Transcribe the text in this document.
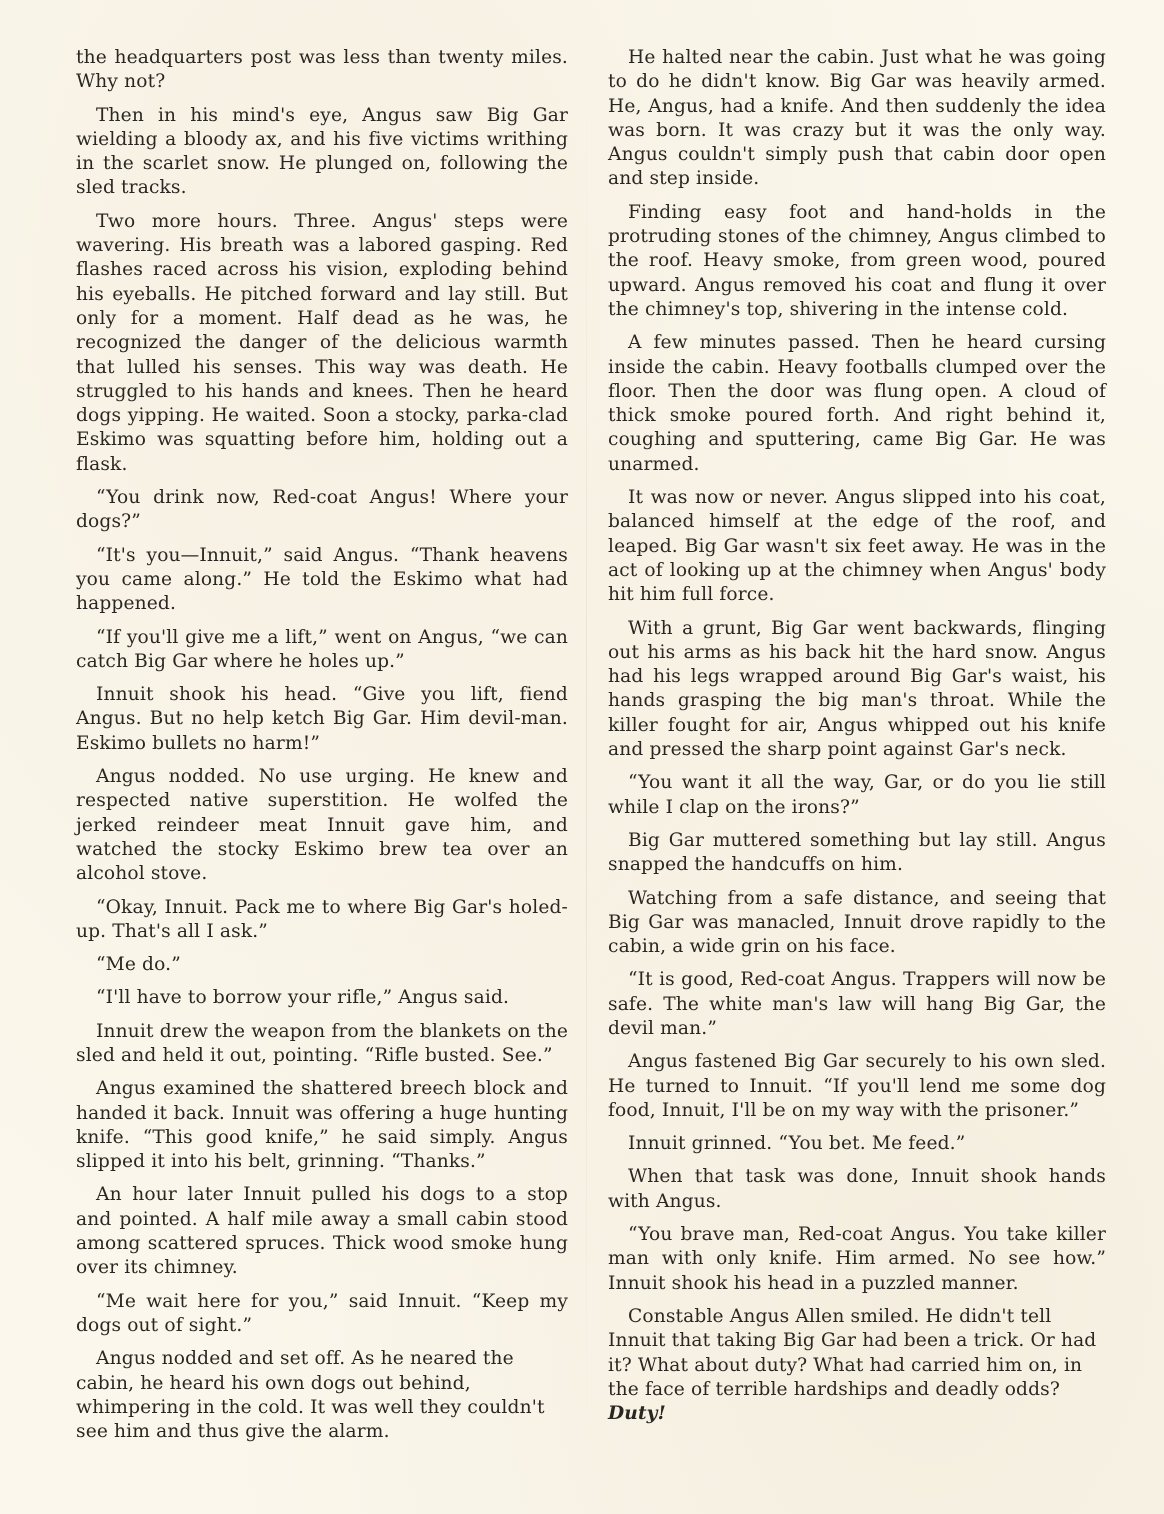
the headquarters post was less than twenty miles. Why not?

Then in his mind's eye, Angus saw Big Gar wielding a bloody ax, and his five victims writhing in the scarlet snow. He plunged on, following the sled tracks.

Two more hours. Three. Angus' steps were wavering. His breath was a labored gasping. Red flashes raced across his vision, exploding behind his eyeballs. He pitched forward and lay still. But only for a moment. Half dead as he was, he recognized the danger of the delicious warmth that lulled his senses. This way was death. He struggled to his hands and knees. Then he heard dogs yipping. He waited. Soon a stocky, parka-clad Eskimo was squatting before him, holding out a flask.

“You drink now, Red-coat Angus! Where your dogs?”

“It's you—Innuit,” said Angus. “Thank heavens you came along.” He told the Eskimo what had happened.

“If you'll give me a lift,” went on Angus, “we can catch Big Gar where he holes up.”

Innuit shook his head. “Give you lift, fiend Angus. But no help ketch Big Gar. Him devil-man. Eskimo bullets no harm!”

Angus nodded. No use urging. He knew and respected native superstition. He wolfed the jerked reindeer meat Innuit gave him, and watched the stocky Eskimo brew tea over an alcohol stove.

“Okay, Innuit. Pack me to where Big Gar's holed-up. That's all I ask.”

“Me do.”

“I'll have to borrow your rifle,” Angus said.

Innuit drew the weapon from the blankets on the sled and held it out, pointing. “Rifle busted. See.”

Angus examined the shattered breech block and handed it back. Innuit was offering a huge hunting knife. “This good knife,” he said simply. Angus slipped it into his belt, grinning. “Thanks.”

An hour later Innuit pulled his dogs to a stop and pointed. A half mile away a small cabin stood among scattered spruces. Thick wood smoke hung over its chimney.

“Me wait here for you,” said Innuit. “Keep my dogs out of sight.”

Angus nodded and set off. As he neared the cabin, he heard his own dogs out behind, whimpering in the cold. It was well they couldn't see him and thus give the alarm.

He halted near the cabin. Just what he was going to do he didn't know. Big Gar was heavily armed. He, Angus, had a knife. And then suddenly the idea was born. It was crazy but it was the only way. Angus couldn't simply push that cabin door open and step inside.

Finding easy foot and hand-holds in the protruding stones of the chimney, Angus climbed to the roof. Heavy smoke, from green wood, poured upward. Angus removed his coat and flung it over the chimney's top, shivering in the intense cold.

A few minutes passed. Then he heard cursing inside the cabin. Heavy footballs clumped over the floor. Then the door was flung open. A cloud of thick smoke poured forth. And right behind it, coughing and sputtering, came Big Gar. He was unarmed.

It was now or never. Angus slipped into his coat, balanced himself at the edge of the roof, and leaped. Big Gar wasn't six feet away. He was in the act of looking up at the chimney when Angus' body hit him full force.

With a grunt, Big Gar went backwards, flinging out his arms as his back hit the hard snow. Angus had his legs wrapped around Big Gar's waist, his hands grasping the big man's throat. While the killer fought for air, Angus whipped out his knife and pressed the sharp point against Gar's neck.

“You want it all the way, Gar, or do you lie still while I clap on the irons?”

Big Gar muttered something but lay still. Angus snapped the handcuffs on him.

Watching from a safe distance, and seeing that Big Gar was manacled, Innuit drove rapidly to the cabin, a wide grin on his face.

“It is good, Red-coat Angus. Trappers will now be safe. The white man's law will hang Big Gar, the devil man.”

Angus fastened Big Gar securely to his own sled. He turned to Innuit. “If you'll lend me some dog food, Innuit, I'll be on my way with the prisoner.”

Innuit grinned. “You bet. Me feed.”

When that task was done, Innuit shook hands with Angus.

“You brave man, Red-coat Angus. You take killer man with only knife. Him armed. No see how.” Innuit shook his head in a puzzled manner.

Constable Angus Allen smiled. He didn't tell Innuit that taking Big Gar had been a trick. Or had it? What about duty? What had carried him on, in the face of terrible hardships and deadly odds? Duty!
